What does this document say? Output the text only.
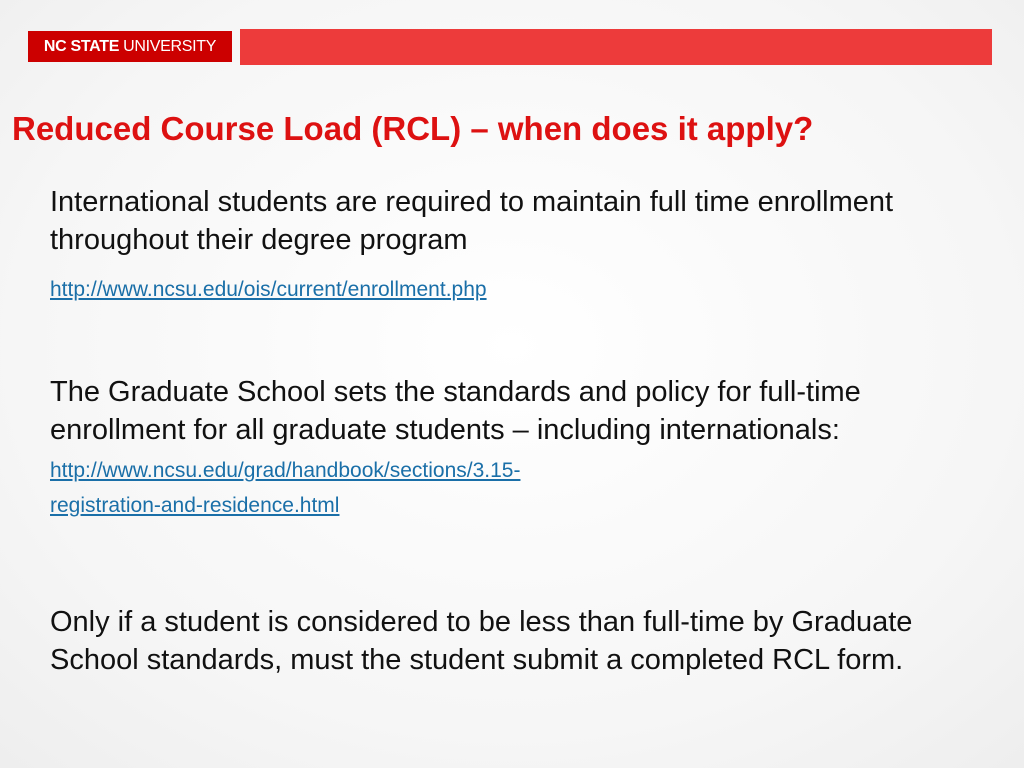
NC STATE UNIVERSITY
Reduced Course Load (RCL) – when does it apply?

International students are required to maintain full time enrollment throughout their degree program

http://www.ncsu.edu/ois/current/enrollment.php

The Graduate School sets the standards and policy for full-time enrollment for all graduate students – including internationals: http://www.ncsu.edu/grad/handbook/sections/3.15-
registration-and-residence.html

Only if a student is considered to be less than full-time by Graduate School standards, must the student submit a completed RCL form.
